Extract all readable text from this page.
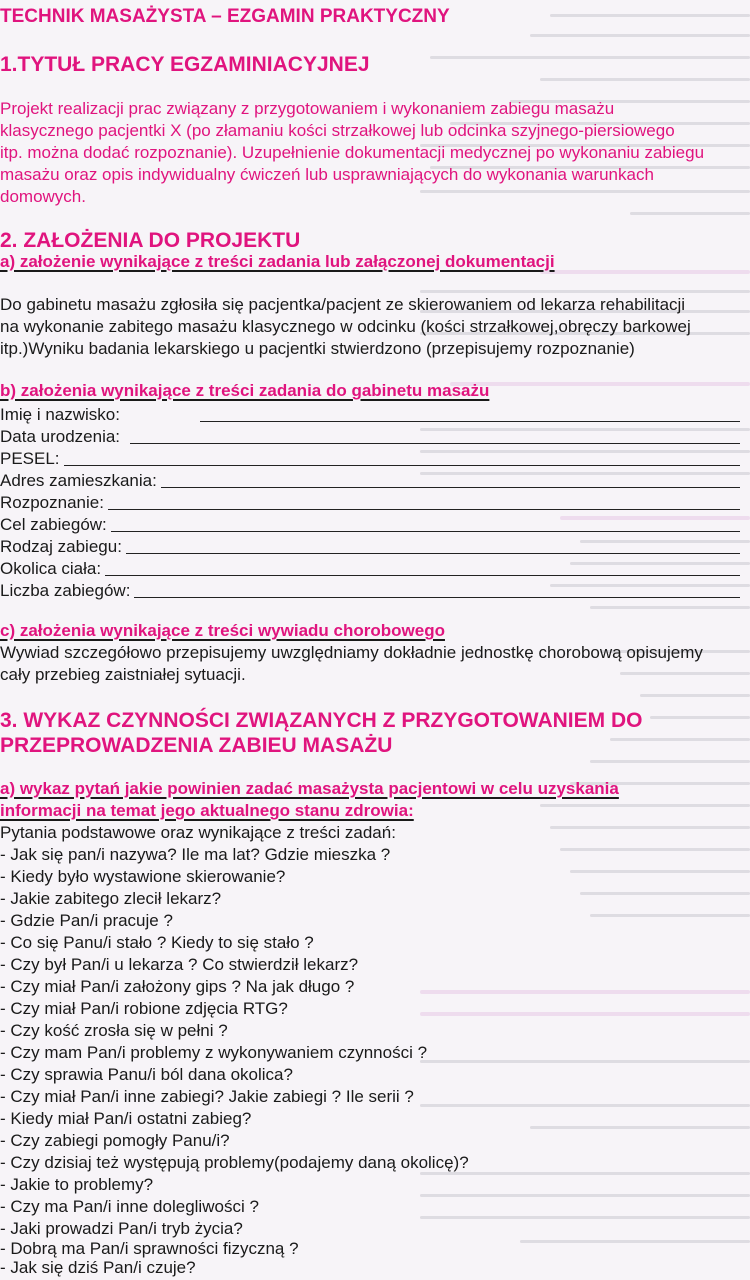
TECHNIK MASAŻYSTA – EZGAMIN PRAKTYCZNY
1.TYTUŁ PRACY EGZAMINIACYJNEJ
Projekt realizacji prac związany z przygotowaniem i wykonaniem zabiegu masażu
klasycznego pacjentki X (po złamaniu kości strzałkowej lub odcinka szyjnego-piersiowego
itp. można dodać rozpoznanie). Uzupełnienie dokumentacji medycznej po wykonaniu zabiegu
masażu oraz opis indywidualny ćwiczeń lub usprawniających do wykonania warunkach
domowych.
2. ZAŁOŻENIA DO PROJEKTU
a) założenie wynikające z treści zadania lub załączonej dokumentacji
Do gabinetu masażu zgłosiła się pacjentka/pacjent ze skierowaniem od lekarza rehabilitacji
na wykonanie zabitego masażu klasycznego w odcinku (kości strzałkowej,obręczy barkowej
itp.)Wyniku badania lekarskiego u pacjentki stwierdzono (przepisujemy rozpoznanie)
b) założenia wynikające z treści zadania do gabinetu masażu
Imię i nazwisko:
Data urodzenia:
PESEL:
Adres zamieszkania:
Rozpoznanie:
Cel zabiegów:
Rodzaj zabiegu:
Okolica ciała:
Liczba zabiegów:
c) założenia wynikające z treści wywiadu chorobowego
Wywiad szczegółowo przepisujemy uwzględniamy dokładnie jednostkę chorobową opisujemy
cały przebieg zaistniałej sytuacji.
3. WYKAZ CZYNNOŚCI ZWIĄZANYCH Z PRZYGOTOWANIEM DO
PRZEPROWADZENIA ZABIEU MASAŻU
a) wykaz pytań jakie powinien zadać masażysta pacjentowi w celu uzyskania
informacji na temat jego aktualnego stanu zdrowia:
Pytania podstawowe oraz wynikające z treści zadań:
- Jak się pan/i nazywa? Ile ma lat? Gdzie mieszka ?
- Kiedy było wystawione skierowanie?
- Jakie zabitego zlecił lekarz?
- Gdzie Pan/i pracuje ?
- Co się Panu/i stało ? Kiedy to się stało ?
- Czy był Pan/i u lekarza ? Co stwierdził lekarz?
- Czy miał Pan/i założony gips ? Na jak długo ?
- Czy miał Pan/i robione zdjęcia RTG?
- Czy kość zrosła się w pełni ?
- Czy mam Pan/i problemy z wykonywaniem czynności ?
- Czy sprawia Panu/i ból dana okolica?
- Czy miał Pan/i inne zabiegi? Jakie zabiegi ? Ile serii ?
- Kiedy miał Pan/i ostatni zabieg?
- Czy zabiegi pomogły Panu/i?
- Czy dzisiaj też występują problemy(podajemy daną okolicę)?
- Jakie to problemy?
- Czy ma Pan/i inne dolegliwości ?
- Jaki prowadzi Pan/i tryb życia?
- Dobrą ma Pan/i sprawności fizyczną ?
- Jak się dziś Pan/i czuje?
